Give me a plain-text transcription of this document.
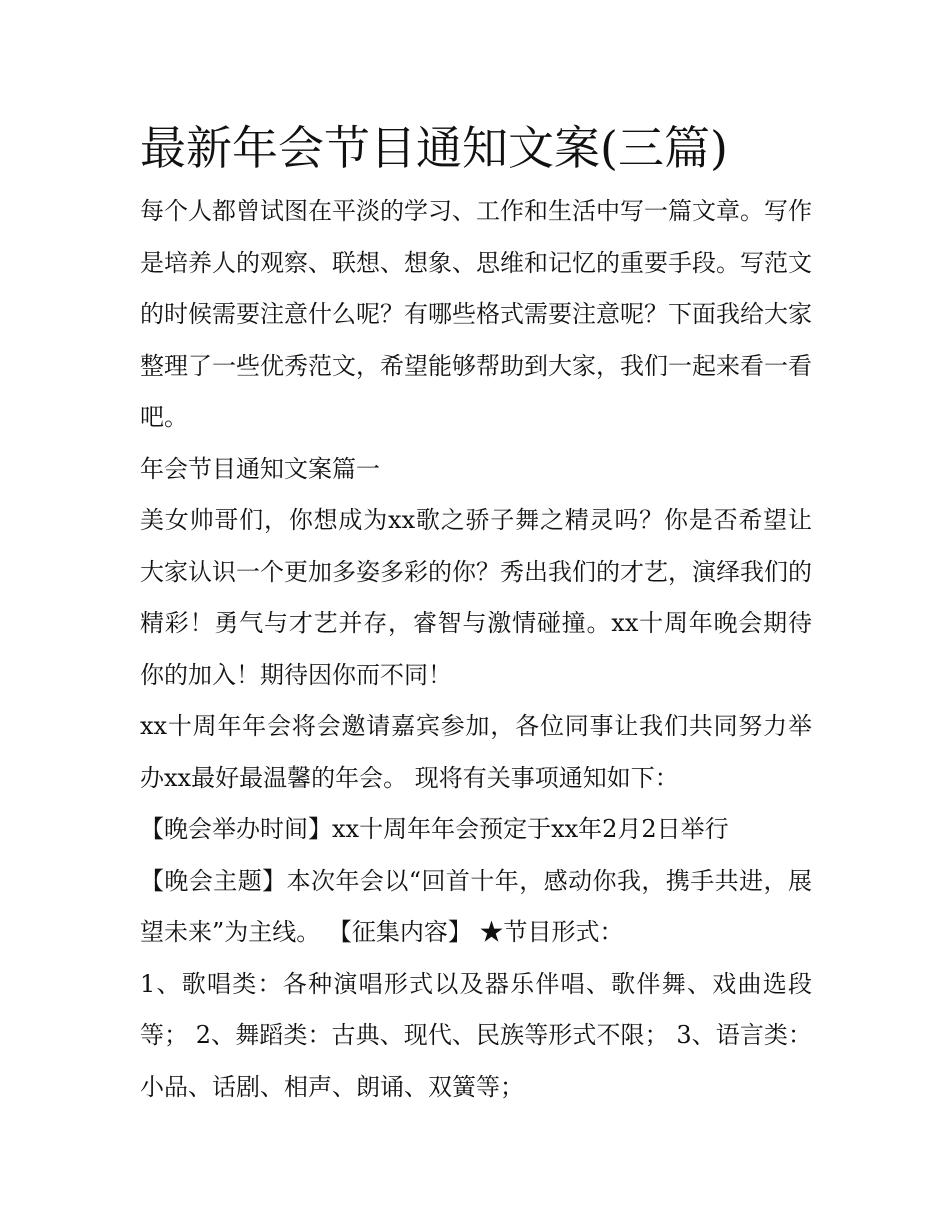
最新年会节目通知文案(三篇)

每个人都曾试图在平淡的学习、工作和生活中写一篇文章。写作是培养人的观察、联想、想象、思维和记忆的重要手段。写范文的时候需要注意什么呢？有哪些格式需要注意呢？下面我给大家整理了一些优秀范文，希望能够帮助到大家，我们一起来看一看吧。

年会节目通知文案篇一

美女帅哥们，你想成为xx歌之骄子舞之精灵吗？你是否希望让大家认识一个更加多姿多彩的你？秀出我们的才艺，演绎我们的精彩！勇气与才艺并存，睿智与激情碰撞。xx十周年晚会期待你的加入！期待因你而不同！

xx十周年年会将会邀请嘉宾参加，各位同事让我们共同努力举办xx最好最温馨的年会。 现将有关事项通知如下：

【晚会举办时间】xx十周年年会预定于xx年2月2日举行

【晚会主题】本次年会以“回首十年，感动你我，携手共进，展望未来”为主线。 【征集内容】 ★节目形式：

1、歌唱类：各种演唱形式以及器乐伴唱、歌伴舞、戏曲选段等； 2、舞蹈类：古典、现代、民族等形式不限； 3、语言类：小品、话剧、相声、朗诵、双簧等；
